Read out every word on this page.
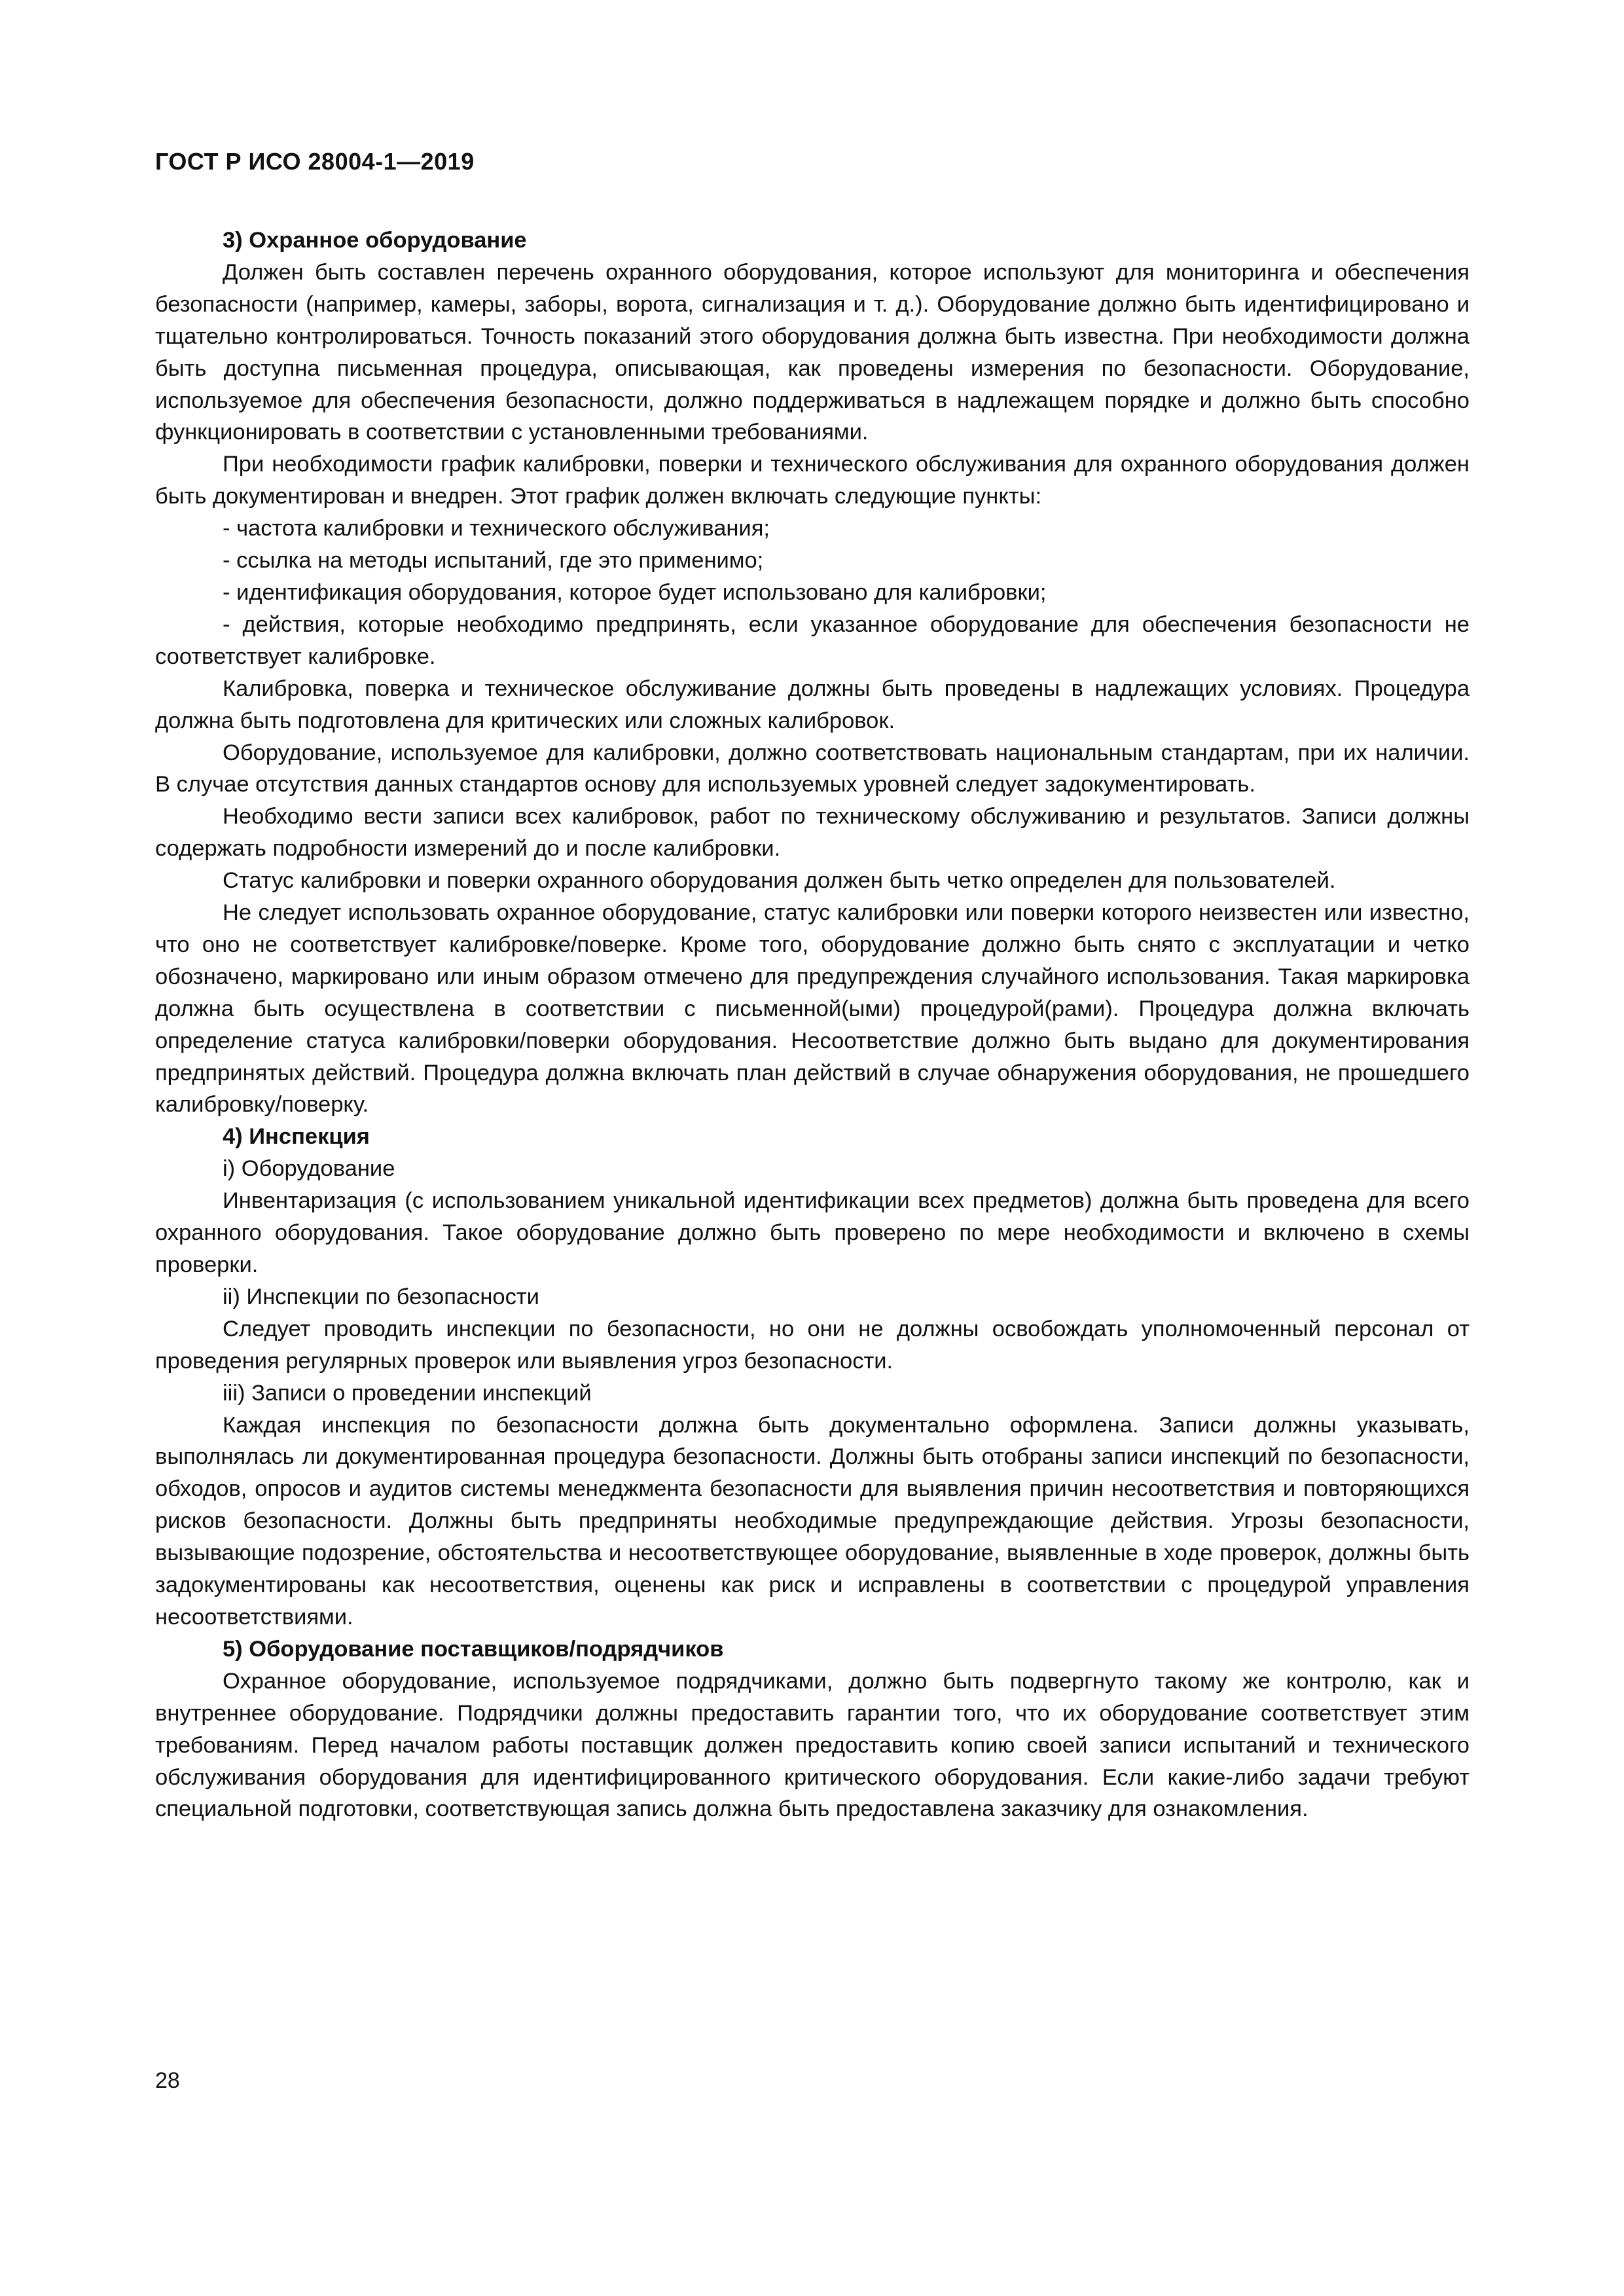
ГОСТ Р ИСО 28004-1—2019

3) Охранное оборудование

Должен быть составлен перечень охранного оборудования, которое используют для мониторинга и обеспечения безопасности (например, камеры, заборы, ворота, сигнализация и т. д.). Оборудование должно быть идентифицировано и тщательно контролироваться. Точность показаний этого оборудования должна быть известна. При необходимости должна быть доступна письменная процедура, описывающая, как проведены измерения по безопасности. Оборудование, используемое для обеспечения безопасности, должно поддерживаться в надлежащем порядке и должно быть способно функционировать в соответствии с установленными требованиями.

При необходимости график калибровки, поверки и технического обслуживания для охранного оборудования должен быть документирован и внедрен. Этот график должен включать следующие пункты:

- частота калибровки и технического обслуживания;

- ссылка на методы испытаний, где это применимо;

- идентификация оборудования, которое будет использовано для калибровки;

- действия, которые необходимо предпринять, если указанное оборудование для обеспечения безопасности не соответствует калибровке.

Калибровка, поверка и техническое обслуживание должны быть проведены в надлежащих условиях. Процедура должна быть подготовлена для критических или сложных калибровок.

Оборудование, используемое для калибровки, должно соответствовать национальным стандартам, при их наличии. В случае отсутствия данных стандартов основу для используемых уровней следует задокументировать.

Необходимо вести записи всех калибровок, работ по техническому обслуживанию и результатов. Записи должны содержать подробности измерений до и после калибровки.

Статус калибровки и поверки охранного оборудования должен быть четко определен для пользователей.

Не следует использовать охранное оборудование, статус калибровки или поверки которого неизвестен или известно, что оно не соответствует калибровке/поверке. Кроме того, оборудование должно быть снято с эксплуатации и четко обозначено, маркировано или иным образом отмечено для предупреждения случайного использования. Такая маркировка должна быть осуществлена в соответствии с письменной(ыми) процедурой(рами). Процедура должна включать определение статуса калибровки/поверки оборудования. Несоответствие должно быть выдано для документирования предпринятых действий. Процедура должна включать план действий в случае обнаружения оборудования, не прошедшего калибровку/поверку.

4) Инспекция

i) Оборудование

Инвентаризация (с использованием уникальной идентификации всех предметов) должна быть проведена для всего охранного оборудования. Такое оборудование должно быть проверено по мере необходимости и включено в схемы проверки.

ii) Инспекции по безопасности

Следует проводить инспекции по безопасности, но они не должны освобождать уполномоченный персонал от проведения регулярных проверок или выявления угроз безопасности.

iii) Записи о проведении инспекций

Каждая инспекция по безопасности должна быть документально оформлена. Записи должны указывать, выполнялась ли документированная процедура безопасности. Должны быть отобраны записи инспекций по безопасности, обходов, опросов и аудитов системы менеджмента безопасности для выявления причин несоответствия и повторяющихся рисков безопасности. Должны быть предприняты необходимые предупреждающие действия. Угрозы безопасности, вызывающие подозрение, обстоятельства и несоответствующее оборудование, выявленные в ходе проверок, должны быть задокументированы как несоответствия, оценены как риск и исправлены в соответствии с процедурой управления несоответствиями.

5) Оборудование поставщиков/подрядчиков

Охранное оборудование, используемое подрядчиками, должно быть подвергнуто такому же контролю, как и внутреннее оборудование. Подрядчики должны предоставить гарантии того, что их оборудование соответствует этим требованиям. Перед началом работы поставщик должен предоставить копию своей записи испытаний и технического обслуживания оборудования для идентифицированного критического оборудования. Если какие-либо задачи требуют специальной подготовки, соответствующая запись должна быть предоставлена заказчику для ознакомления.

28
